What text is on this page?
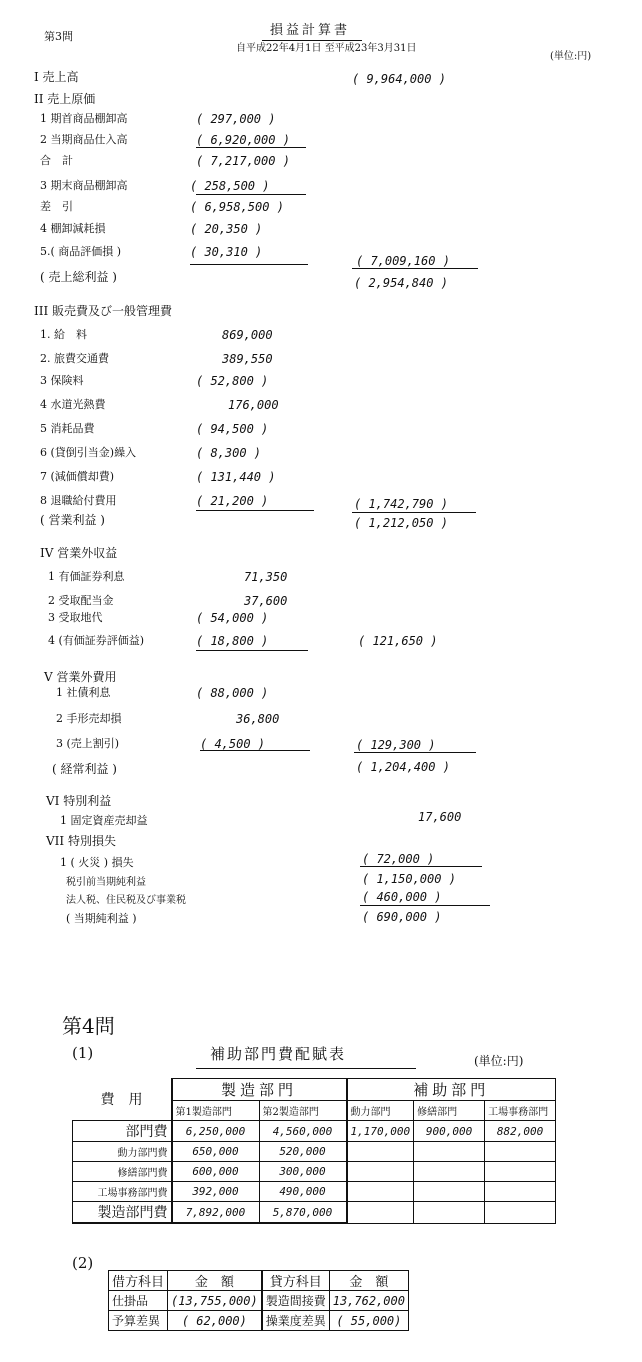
第3問	損益計算書
自平成22年4月1日 至平成23年3月31日
(単位:円)
I 売上高	( 9,964,000 )
II 売上原価
1 期首商品棚卸高	( 297,000 )
2 当期商品仕入高	( 6,920,000 )
合　計	( 7,217,000 )
3 期末商品棚卸高	( 258,500 )
差　引	( 6,958,500 )
4 棚卸減耗損	( 20,350 )
5.( 商品評価損 )	( 30,310 )
( 7,009,160 )
( 売上総利益 )	( 2,954,840 )
III 販売費及び一般管理費
1. 給　料	869,000
2. 旅費交通費	389,550
3 保険料	( 52,800 )
4 水道光熱費	176,000
5 消耗品費	( 94,500 )
6 (貸倒引当金)繰入	( 8,300 )
7 (減価償却費)	( 131,440 )
8 退職給付費用	( 21,200 )	( 1,742,790 )
( 営業利益 )	( 1,212,050 )
IV 営業外収益
1 有価証券利息	71,350
2 受取配当金	37,600
3 受取地代	( 54,000 )
4 (有価証券評価益)	( 18,800 )	( 121,650 )
V 営業外費用
1 社債利息	( 88,000 )
2 手形売却損	36,800
3 (売上割引)	( 4,500 )	( 129,300 )
( 経常利益 )	( 1,204,400 )
VI 特別利益
1 固定資産売却益	17,600
VII 特別損失
1 ( 火災 ) 損失	( 72,000 )
税引前当期純利益	( 1,150,000 )
法人税、住民税及び事業税	( 460,000 )
( 当期純利益 )	( 690,000 )
第4問
(1)	補助部門費配賦表	(単位:円)
費　用	製造部門		補助部門		
	第1製造部門	第2製造部門	動力部門	修繕部門	工場事務部門
部門費	6,250,000	4,560,000	1,170,000	900,000	882,000
動力部門費	650,000	520,000			
修繕部門費	600,000	300,000			
工場事務部門費	392,000	490,000			
製造部門費	7,892,000	5,870,000			
(2)
借方科目	金　額	貸方科目	金　額
仕掛品	(13,755,000)	製造間接費	13,762,000
予算差異	( 62,000)	操業度差異	( 55,000)
